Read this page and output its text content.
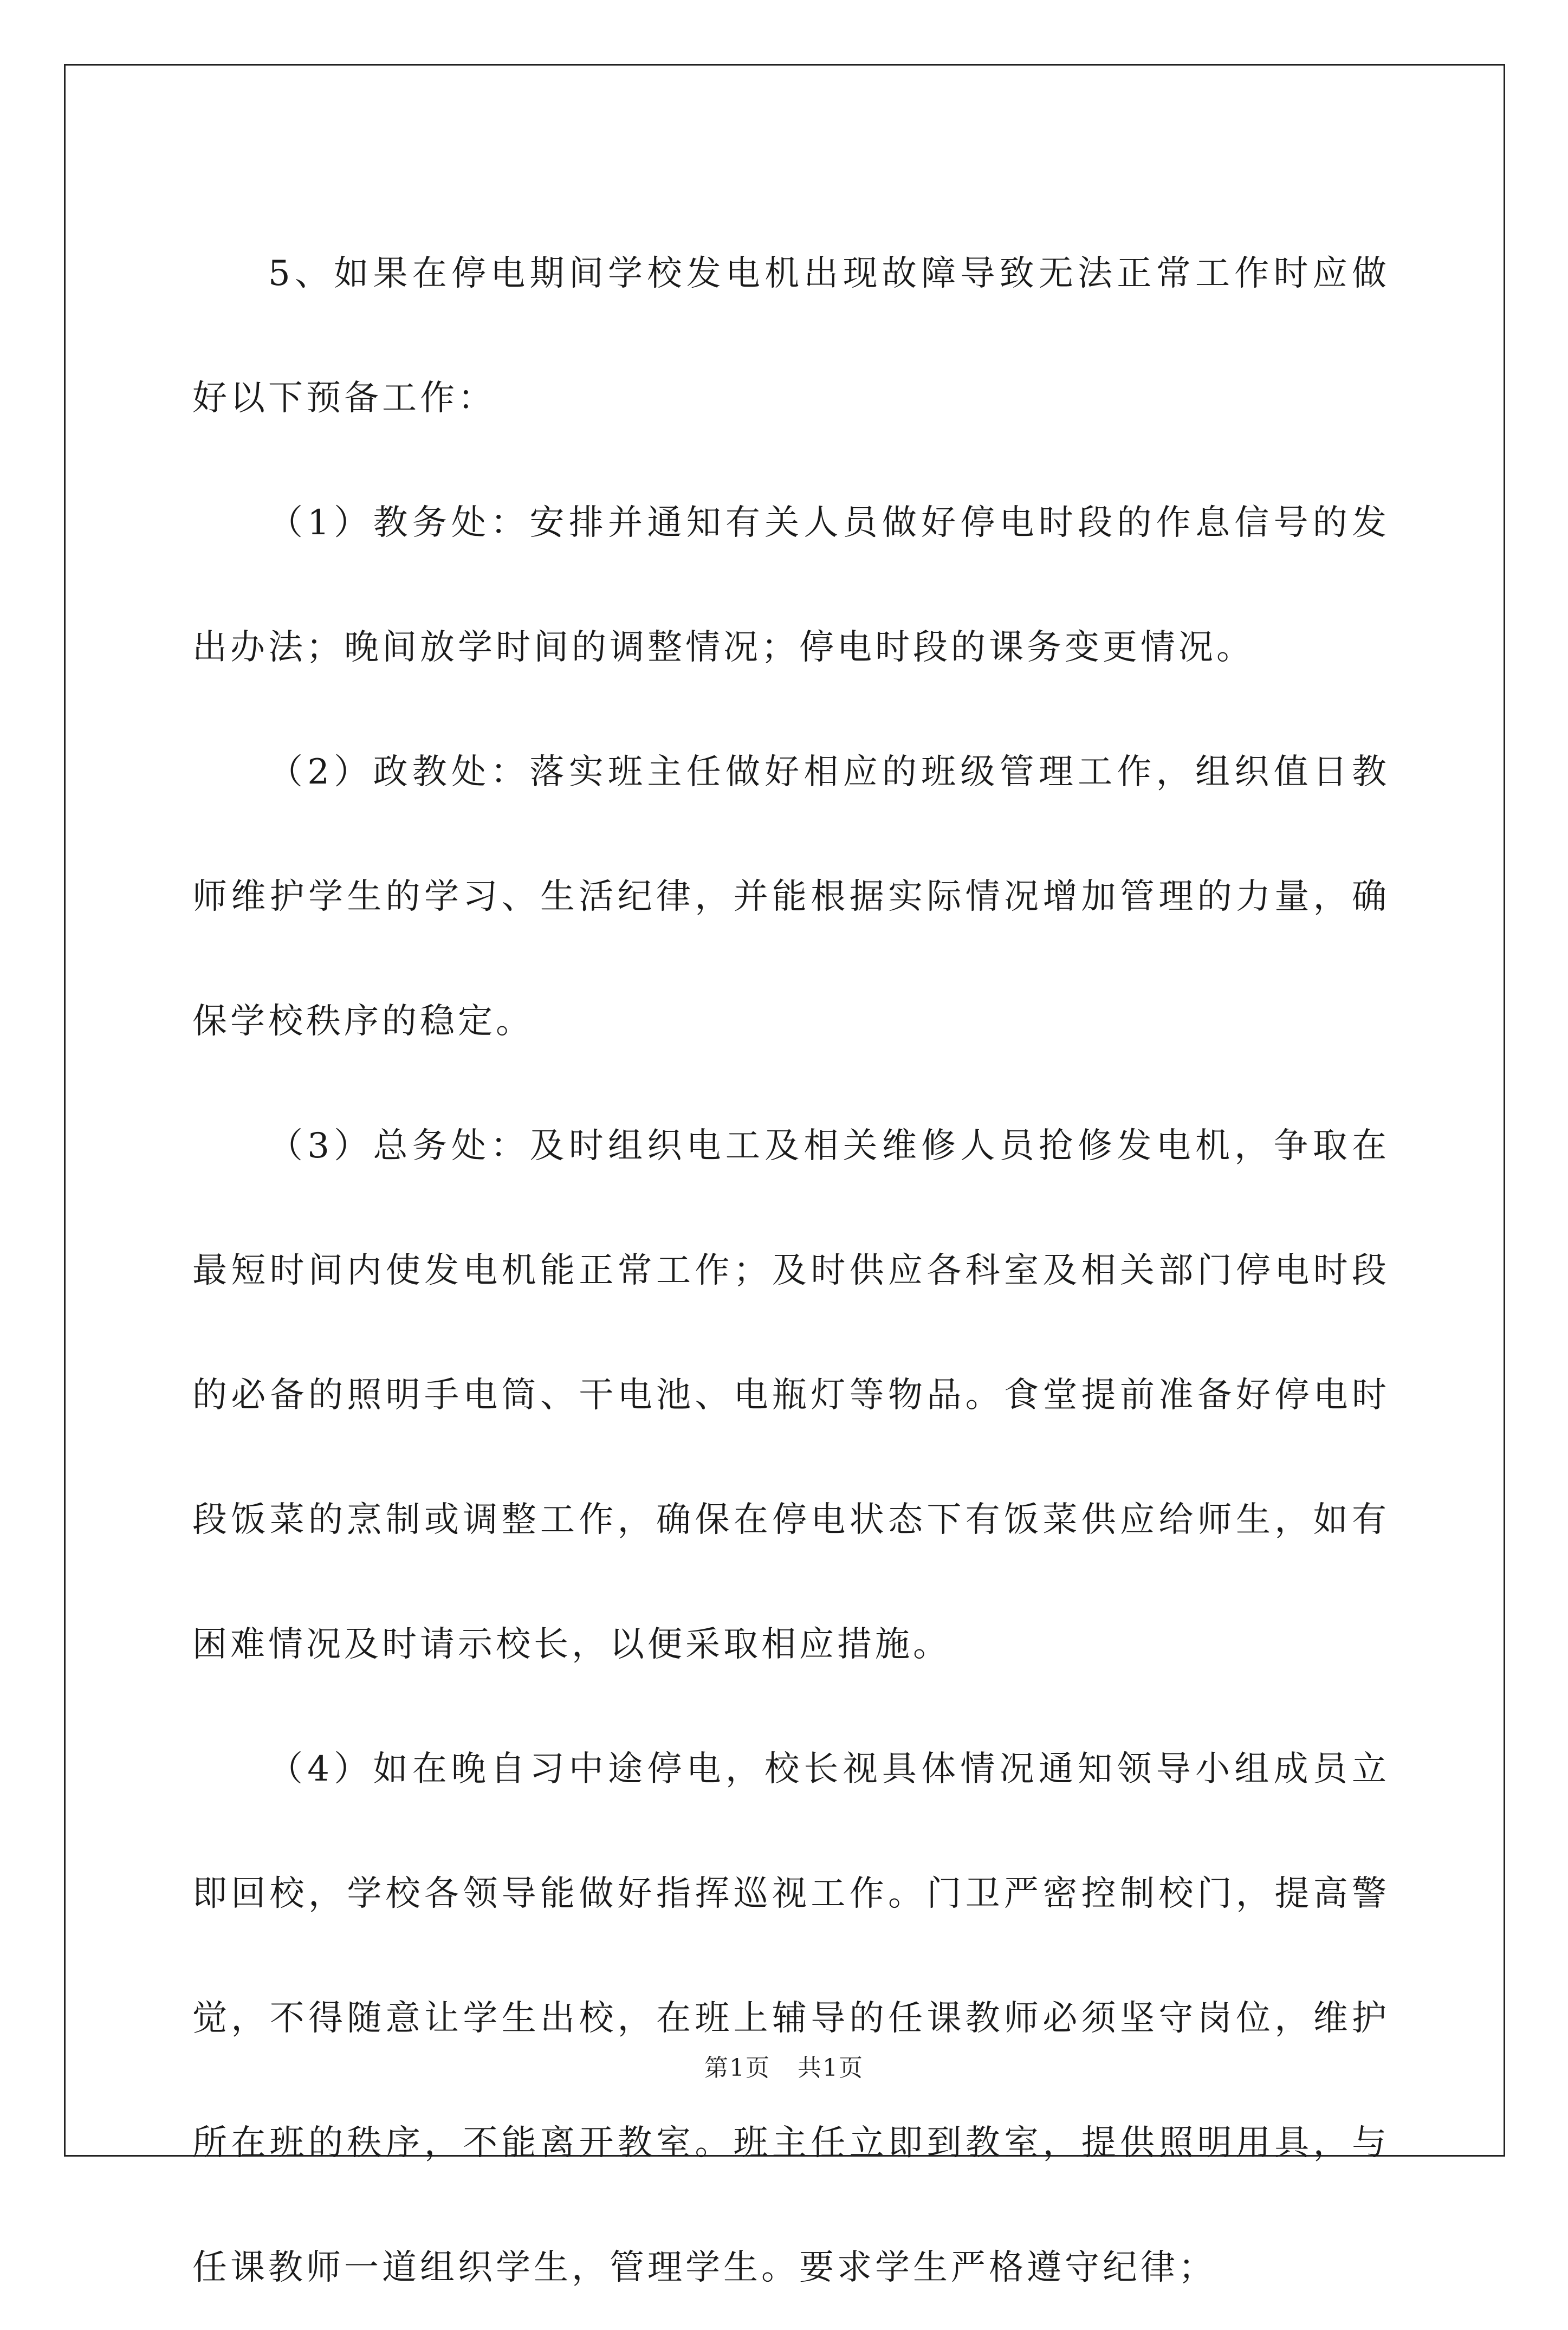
5、如果在停电期间学校发电机出现故障导致无法正常工作时应做好以下预备工作：

（1）教务处：安排并通知有关人员做好停电时段的作息信号的发出办法；晚间放学时间的调整情况；停电时段的课务变更情况。

（2）政教处：落实班主任做好相应的班级管理工作，组织值日教师维护学生的学习、生活纪律，并能根据实际情况增加管理的力量，确保学校秩序的稳定。

（3）总务处：及时组织电工及相关维修人员抢修发电机，争取在最短时间内使发电机能正常工作；及时供应各科室及相关部门停电时段的必备的照明手电筒、干电池、电瓶灯等物品。食堂提前准备好停电时段饭菜的烹制或调整工作，确保在停电状态下有饭菜供应给师生，如有困难情况及时请示校长，以便采取相应措施。

（4）如在晚自习中途停电，校长视具体情况通知领导小组成员立即回校，学校各领导能做好指挥巡视工作。门卫严密控制校门，提高警觉，不得随意让学生出校，在班上辅导的任课教师必须坚守岗位，维护所在班的秩序，不能离开教室。班主任立即到教室，提供照明用具，与任课教师一道组织学生，管理学生。要求学生严格遵守纪律；

第1页 共1页
